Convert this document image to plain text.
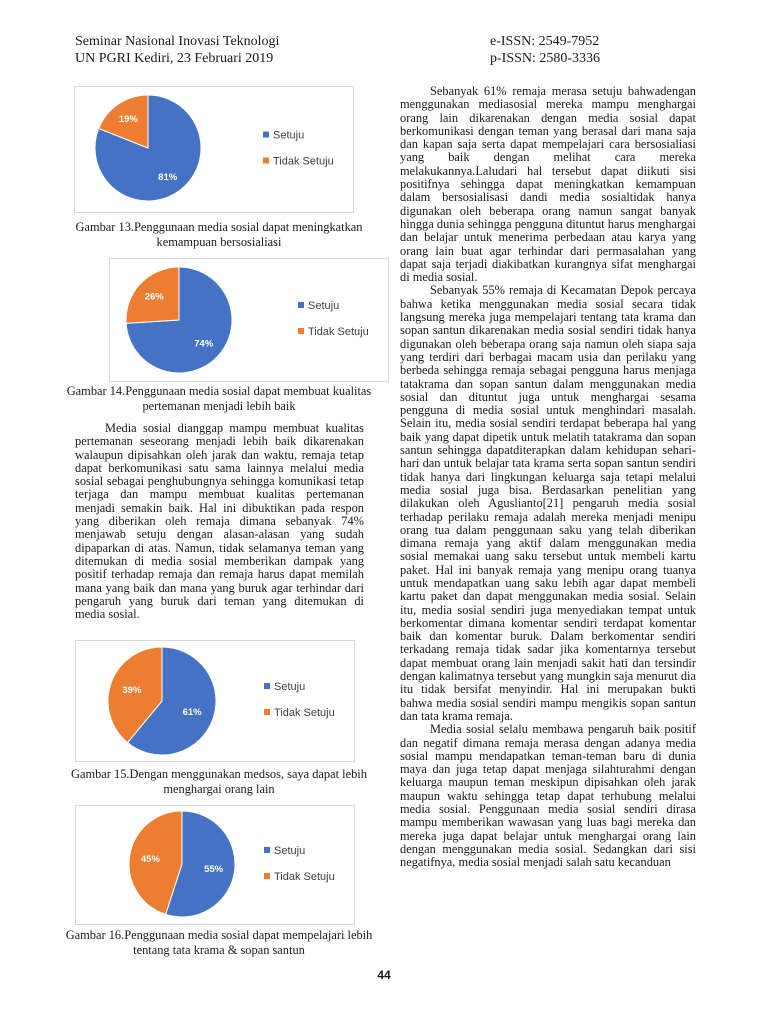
Seminar Nasional Inovasi Teknologi
UN PGRI Kediri, 23 Februari 2019
e-ISSN: 2549-7952
p-ISSN: 2580-3336
81%
19%
Setuju
Tidak Setuju
Gambar 13.Penggunaan media sosial dapat meningkatkan kemampuan bersosialiasi
74%
26%
Setuju
Tidak Setuju
Gambar 14.Penggunaan media sosial dapat membuat kualitas pertemanan menjadi lebih baik

Media sosial dianggap mampu membuat kualitas pertemanan seseorang menjadi lebih baik dikarenakan walaupun dipisahkan oleh jarak dan waktu, remaja tetap dapat berkomunikasi satu sama lainnya melalui media sosial sebagai penghubungnya sehingga komunikasi tetap terjaga dan mampu membuat kualitas pertemanan menjadi semakin baik. Hal ini dibuktikan pada respon yang diberikan oleh remaja dimana sebanyak 74% menjawab setuju dengan alasan-alasan yang sudah dipaparkan di atas. Namun, tidak selamanya teman yang ditemukan di media sosial memberikan dampak yang positif terhadap remaja dan remaja harus dapat memilah mana yang baik dan mana yang buruk agar terhindar dari pengaruh yang buruk dari teman yang ditemukan di media sosial.

61%
39%	Setuju
Tidak Setuju
Gambar 15.Dengan menggunakan medsos, saya dapat lebih menghargai orang lain
55%
45%
Setuju
Tidak Setuju
Gambar 16.Penggunaan media sosial dapat mempelajari lebih tentang tata krama & sopan santun

Sebanyak 61% remaja merasa setuju bahwadengan menggunakan mediasosial mereka mampu menghargai orang lain dikarenakan dengan media sosial dapat berkomunikasi dengan teman yang berasal dari mana saja dan kapan saja serta dapat mempelajari cara bersosialiasi yang baik dengan melihat cara mereka melakukannya.Laludari hal tersebut dapat diikuti sisi positifnya sehingga dapat meningkatkan kemampuan dalam bersosialisasi dandi media sosialtidak hanya digunakan oleh beberapa orang namun sangat banyak hingga dunia sehingga pengguna dituntut harus menghargai dan belajar untuk menerima perbedaan atau karya yang orang lain buat agar terhindar dari permasalahan yang dapat saja terjadi diakibatkan kurangnya sifat menghargai di media sosial.

Sebanyak 55% remaja di Kecamatan Depok percaya bahwa ketika menggunakan media sosial secara tidak langsung mereka juga mempelajari tentang tata krama dan sopan santun dikarenakan media sosial sendiri tidak hanya digunakan oleh beberapa orang saja namun oleh siapa saja yang terdiri dari berbagai macam usia dan perilaku yang berbeda sehingga remaja sebagai pengguna harus menjaga tatakrama dan sopan santun dalam menggunakan media sosial dan dituntut juga untuk menghargai sesama pengguna di media sosial untuk menghindari masalah. Selain itu, media sosial sendiri terdapat beberapa hal yang baik yang dapat dipetik untuk melatih tatakrama dan sopan santun sehingga dapatditerapkan dalam kehidupan sehari-hari dan untuk belajar tata krama serta sopan santun sendiri tidak hanya dari lingkungan keluarga saja tetapi melalui media sosial juga bisa. Berdasarkan penelitian yang dilakukan oleh Aguslianto[21] pengaruh media sosial terhadap perilaku remaja adalah mereka menjadi menipu orang tua dalam penggunaan saku yang telah diberikan dimana remaja yang aktif dalam menggunakan media sosial memakai uang saku tersebut untuk membeli kartu paket. Hal ini banyak remaja yang menipu orang tuanya untuk mendapatkan uang saku lebih agar dapat membeli kartu paket dan dapat menggunakan media sosial. Selain itu, media sosial sendiri juga menyediakan tempat untuk berkomentar dimana komentar sendiri terdapat komentar baik dan komentar buruk. Dalam berkomentar sendiri terkadang remaja tidak sadar jika komentarnya tersebut dapat membuat orang lain menjadi sakit hati dan tersindir dengan kalimatnya tersebut yang mungkin saja menurut dia itu tidak bersifat menyindir. Hal ini merupakan bukti bahwa media sosial sendiri mampu mengikis sopan santun dan tata krama remaja.

Media sosial selalu membawa pengaruh baik positif dan negatif dimana remaja merasa dengan adanya media sosial mampu mendapatkan teman-teman baru di dunia maya dan juga tetap dapat menjaga silahturahmi dengan keluarga maupun teman meskipun dipisahkan oleh jarak maupun waktu sehingga tetap dapat terhubung melalui media sosial. Penggunaan media sosial sendiri dirasa mampu memberikan wawasan yang luas bagi mereka dan mereka juga dapat belajar untuk menghargai orang lain dengan menggunakan media sosial. Sedangkan dari sisi negatifnya, media sosial menjadi salah satu kecanduan

44
